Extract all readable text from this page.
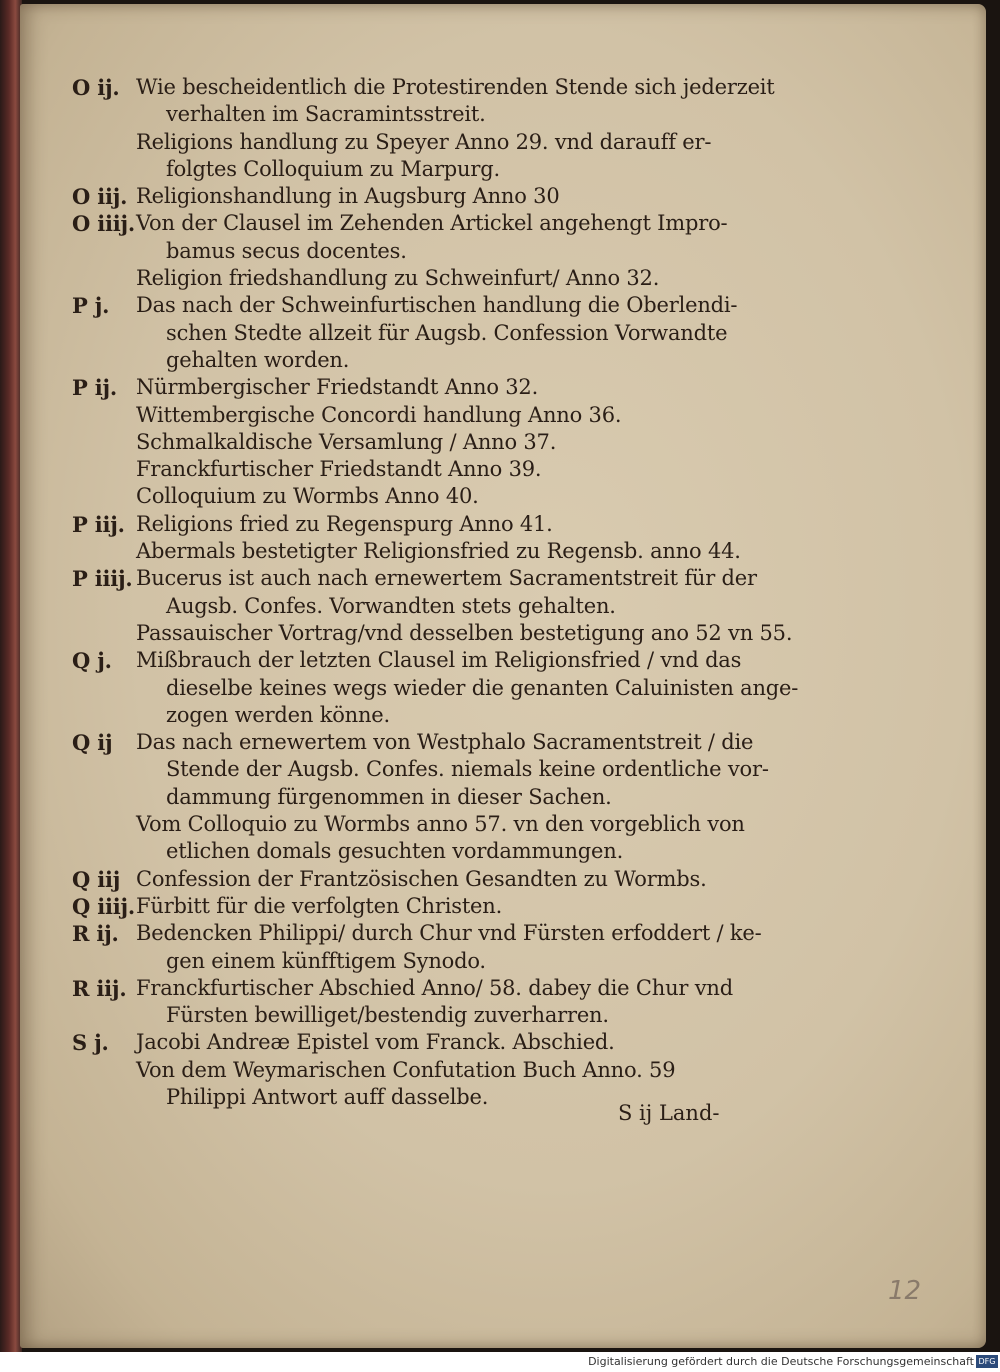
O ij. Wie bescheidentlich die Protestirenden Stende sich jederzeit
verhalten im Sacramintsstreit.
Religions handlung zu Speyer Anno 29. vnd darauff er-
folgtes Colloquium zu Marpurg.
O iij. Religionshandlung in Augsburg Anno 30
O iiij. Von der Clausel im Zehenden Artickel angehengt Impro-
bamus secus docentes.
Religion friedshandlung zu Schweinfurt/ Anno 32.
P j.	Das nach der Schweinfurtischen handlung die Oberlendi-
schen Stedte allzeit für Augsb. Confession Vorwandte
gehalten worden.
P ij. Nürmbergischer Friedstandt Anno 32.
Wittembergische Concordi handlung Anno 36.
Schmalkaldische Versamlung / Anno 37.
Franckfurtischer Friedstandt Anno 39.
Colloquium zu Wormbs Anno 40.
P iij. Religions fried zu Regenspurg Anno 41.
Abermals bestetigter Religionsfried zu Regensb. anno 44.
P iiij. Bucerus ist auch nach ernewertem Sacramentstreit für der
Augsb. Confes. Vorwandten stets gehalten.
Passauischer Vortrag/vnd desselben bestetigung ano 52 vn 55.
Q j.	Mißbrauch der letzten Clausel im Religionsfried / vnd das
dieselbe keines wegs wieder die genanten Caluinisten ange-
zogen werden könne.
Q ij	Das nach ernewertem von Westphalo Sacramentstreit / die
Stende der Augsb. Confes. niemals keine ordentliche vor-
dammung fürgenommen in dieser Sachen.
Vom Colloquio zu Wormbs anno 57. vn den vorgeblich von
etlichen domals gesuchten vordammungen.
Q iij Confession der Frantzösischen Gesandten zu Wormbs.
Q iiij. Fürbitt für die verfolgten Christen.
R ij. Bedencken Philippi/ durch Chur vnd Fürsten erfoddert / ke-
gen einem künfftigem Synodo.
R iij. Franckfurtischer Abschied Anno/ 58. dabey die Chur vnd
Fürsten bewilliget/bestendig zuverharren.
S j.	Jacobi Andreæ Epistel vom Franck. Abschied.
Von dem Weymarischen Confutation Buch Anno. 59
Philippi Antwort auff dasselbe.
S ij Land-
12
Digitalisierung gefördert durch die Deutsche Forschungsgemeinschaft DFG
